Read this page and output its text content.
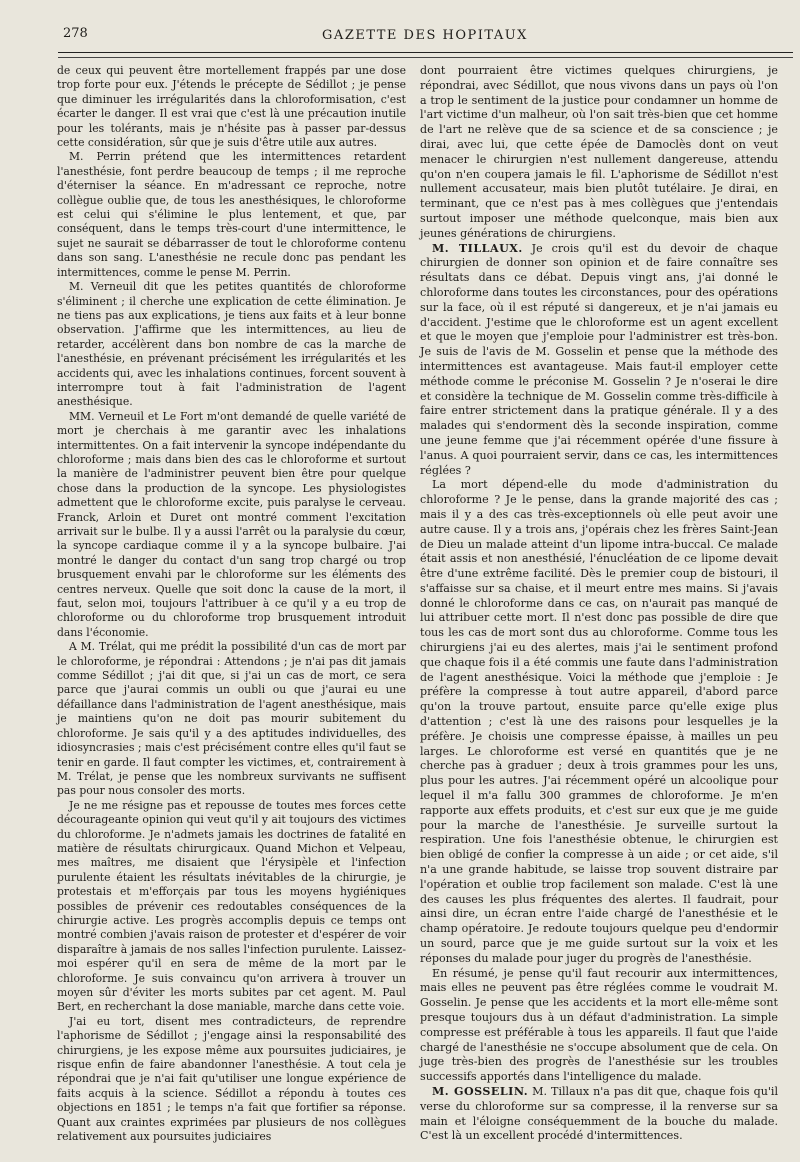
278	GAZETTE DES HOPITAUX

de ceux qui peuvent être mortellement frappés par une dose trop forte pour eux. J'étends le précepte de Sédillot ; je pense que diminuer les irrégularités dans la chloroformisation, c'est écarter le danger. Il est vrai que c'est là une précaution inutile pour les tolérants, mais je n'hésite pas à passer par-dessus cette considération, sûr que je suis d'être utile aux autres.

M. Perrin prétend que les intermittences retardent l'anesthésie, font perdre beaucoup de temps ; il me reproche d'éterniser la séance. En m'adressant ce reproche, notre collègue oublie que, de tous les anesthésiques, le chloroforme est celui qui s'élimine le plus lentement, et que, par conséquent, dans le temps très-court d'une intermittence, le sujet ne saurait se débarrasser de tout le chloroforme contenu dans son sang. L'anesthésie ne recule donc pas pendant les intermittences, comme le pense M. Perrin.

M. Verneuil dit que les petites quantités de chloroforme s'éliminent ; il cherche une explication de cette élimination. Je ne tiens pas aux explications, je tiens aux faits et à leur bonne observation. J'affirme que les intermittences, au lieu de retarder, accélèrent dans bon nombre de cas la marche de l'anesthésie, en prévenant précisément les irrégularités et les accidents qui, avec les inhalations continues, forcent souvent à interrompre tout à fait l'administration de l'agent anesthésique.

MM. Verneuil et Le Fort m'ont demandé de quelle variété de mort je cherchais à me garantir avec les inhalations intermittentes. On a fait intervenir la syncope indépendante du chloroforme ; mais dans bien des cas le chloroforme et surtout la manière de l'administrer peuvent bien être pour quelque chose dans la production de la syncope. Les physiologistes admettent que le chloroforme excite, puis paralyse le cerveau. Franck, Arloin et Duret ont montré comment l'excitation arrivait sur le bulbe. Il y a aussi l'arrêt ou la paralysie du cœur, la syncope cardiaque comme il y a la syncope bulbaire. J'ai montré le danger du contact d'un sang trop chargé ou trop brusquement envahi par le chloroforme sur les éléments des centres nerveux. Quelle que soit donc la cause de la mort, il faut, selon moi, toujours l'attribuer à ce qu'il y a eu trop de chloroforme ou du chloroforme trop brusquement introduit dans l'économie.

A M. Trélat, qui me prédit la possibilité d'un cas de mort par le chloroforme, je répondrai : Attendons ; je n'ai pas dit jamais comme Sédillot ; j'ai dit que, si j'ai un cas de mort, ce sera parce que j'aurai commis un oubli ou que j'aurai eu une défaillance dans l'administration de l'agent anesthésique, mais je maintiens qu'on ne doit pas mourir subitement du chloroforme. Je sais qu'il y a des aptitudes individuelles, des idiosyncrasies ; mais c'est précisément contre elles qu'il faut se tenir en garde. Il faut compter les victimes, et, contrairement à M. Trélat, je pense que les nombreux survivants ne suffisent pas pour nous consoler des morts.

Je ne me résigne pas et repousse de toutes mes forces cette décourageante opinion qui veut qu'il y ait toujours des victimes du chloroforme. Je n'admets jamais les doctrines de fatalité en matière de résultats chirurgicaux. Quand Michon et Velpeau, mes maîtres, me disaient que l'érysipèle et l'infection purulente étaient les résultats inévitables de la chirurgie, je protestais et m'efforçais par tous les moyens hygiéniques possibles de prévenir ces redoutables conséquences de la chirurgie active. Les progrès accomplis depuis ce temps ont montré combien j'avais raison de protester et d'espérer de voir disparaître à jamais de nos salles l'infection purulente. Laissez-moi espérer qu'il en sera de même de la mort par le chloroforme. Je suis convaincu qu'on arrivera à trouver un moyen sûr d'éviter les morts subites par cet agent. M. Paul Bert, en recherchant la dose maniable, marche dans cette voie.

J'ai eu tort, disent mes contradicteurs, de reprendre l'aphorisme de Sédillot ; j'engage ainsi la responsabilité des chirurgiens, je les expose même aux poursuites judiciaires, je risque enfin de faire abandonner l'anesthésie. A tout cela je répondrai que je n'ai fait qu'utiliser une longue expérience de faits acquis à la science. Sédillot a répondu à toutes ces objections en 1851 ; le temps n'a fait que fortifier sa réponse. Quant aux craintes exprimées par plusieurs de nos collègues relativement aux poursuites judiciaires

dont pourraient être victimes quelques chirurgiens, je répondrai, avec Sédillot, que nous vivons dans un pays où l'on a trop le sentiment de la justice pour condamner un homme de l'art victime d'un malheur, où l'on sait très-bien que cet homme de l'art ne relève que de sa science et de sa conscience ; je dirai, avec lui, que cette épée de Damoclès dont on veut menacer le chirurgien n'est nullement dangereuse, attendu qu'on n'en coupera jamais le fil. L'aphorisme de Sédillot n'est nullement accusateur, mais bien plutôt tutélaire. Je dirai, en terminant, que ce n'est pas à mes collègues que j'entendais surtout imposer une méthode quelconque, mais bien aux jeunes générations de chirurgiens.

M. TILLAUX. Je crois qu'il est du devoir de chaque chirurgien de donner son opinion et de faire connaître ses résultats dans ce débat. Depuis vingt ans, j'ai donné le chloroforme dans toutes les circonstances, pour des opérations sur la face, où il est réputé si dangereux, et je n'ai jamais eu d'accident. J'estime que le chloroforme est un agent excellent et que le moyen que j'emploie pour l'administrer est très-bon. Je suis de l'avis de M. Gosselin et pense que la méthode des intermittences est avantageuse. Mais faut-il employer cette méthode comme le préconise M. Gosselin ? Je n'oserai le dire et considère la technique de M. Gosselin comme très-difficile à faire entrer strictement dans la pratique générale. Il y a des malades qui s'endorment dès la seconde inspiration, comme une jeune femme que j'ai récemment opérée d'une fissure à l'anus. A quoi pourraient servir, dans ce cas, les intermittences réglées ?

La mort dépend-elle du mode d'administration du chloroforme ? Je le pense, dans la grande majorité des cas ; mais il y a des cas très-exceptionnels où elle peut avoir une autre cause. Il y a trois ans, j'opérais chez les frères Saint-Jean de Dieu un malade atteint d'un lipome intra-buccal. Ce malade était assis et non anesthésié, l'énucléation de ce lipome devait être d'une extrême facilité. Dès le premier coup de bistouri, il s'affaisse sur sa chaise, et il meurt entre mes mains. Si j'avais donné le chloroforme dans ce cas, on n'aurait pas manqué de lui attribuer cette mort. Il n'est donc pas possible de dire que tous les cas de mort sont dus au chloroforme. Comme tous les chirurgiens j'ai eu des alertes, mais j'ai le sentiment profond que chaque fois il a été commis une faute dans l'administration de l'agent anesthésique. Voici la méthode que j'emploie : Je préfère la compresse à tout autre appareil, d'abord parce qu'on la trouve partout, ensuite parce qu'elle exige plus d'attention ; c'est là une des raisons pour lesquelles je la préfère. Je choisis une compresse épaisse, à mailles un peu larges. Le chloroforme est versé en quantités que je ne cherche pas à graduer ; deux à trois grammes pour les uns, plus pour les autres. J'ai récemment opéré un alcoolique pour lequel il m'a fallu 300 grammes de chloroforme. Je m'en rapporte aux effets produits, et c'est sur eux que je me guide pour la marche de l'anesthésie. Je surveille surtout la respiration. Une fois l'anesthésie obtenue, le chirurgien est bien obligé de confier la compresse à un aide ; or cet aide, s'il n'a une grande habitude, se laisse trop souvent distraire par l'opération et oublie trop facilement son malade. C'est là une des causes les plus fréquentes des alertes. Il faudrait, pour ainsi dire, un écran entre l'aide chargé de l'anesthésie et le champ opératoire. Je redoute toujours quelque peu d'endormir un sourd, parce que je me guide surtout sur la voix et les réponses du malade pour juger du progrès de l'anesthésie.

En résumé, je pense qu'il faut recourir aux intermittences, mais elles ne peuvent pas être réglées comme le voudrait M. Gosselin. Je pense que les accidents et la mort elle-même sont presque toujours dus à un défaut d'administration. La simple compresse est préférable à tous les appareils. Il faut que l'aide chargé de l'anesthésie ne s'occupe absolument que de cela. On juge très-bien des progrès de l'anesthésie sur les troubles successifs apportés dans l'intelligence du malade.

M. GOSSELIN. M. Tillaux n'a pas dit que, chaque fois qu'il verse du chloroforme sur sa compresse, il la renverse sur sa main et l'éloigne conséquemment de la bouche du malade. C'est là un excellent procédé d'intermittences.
